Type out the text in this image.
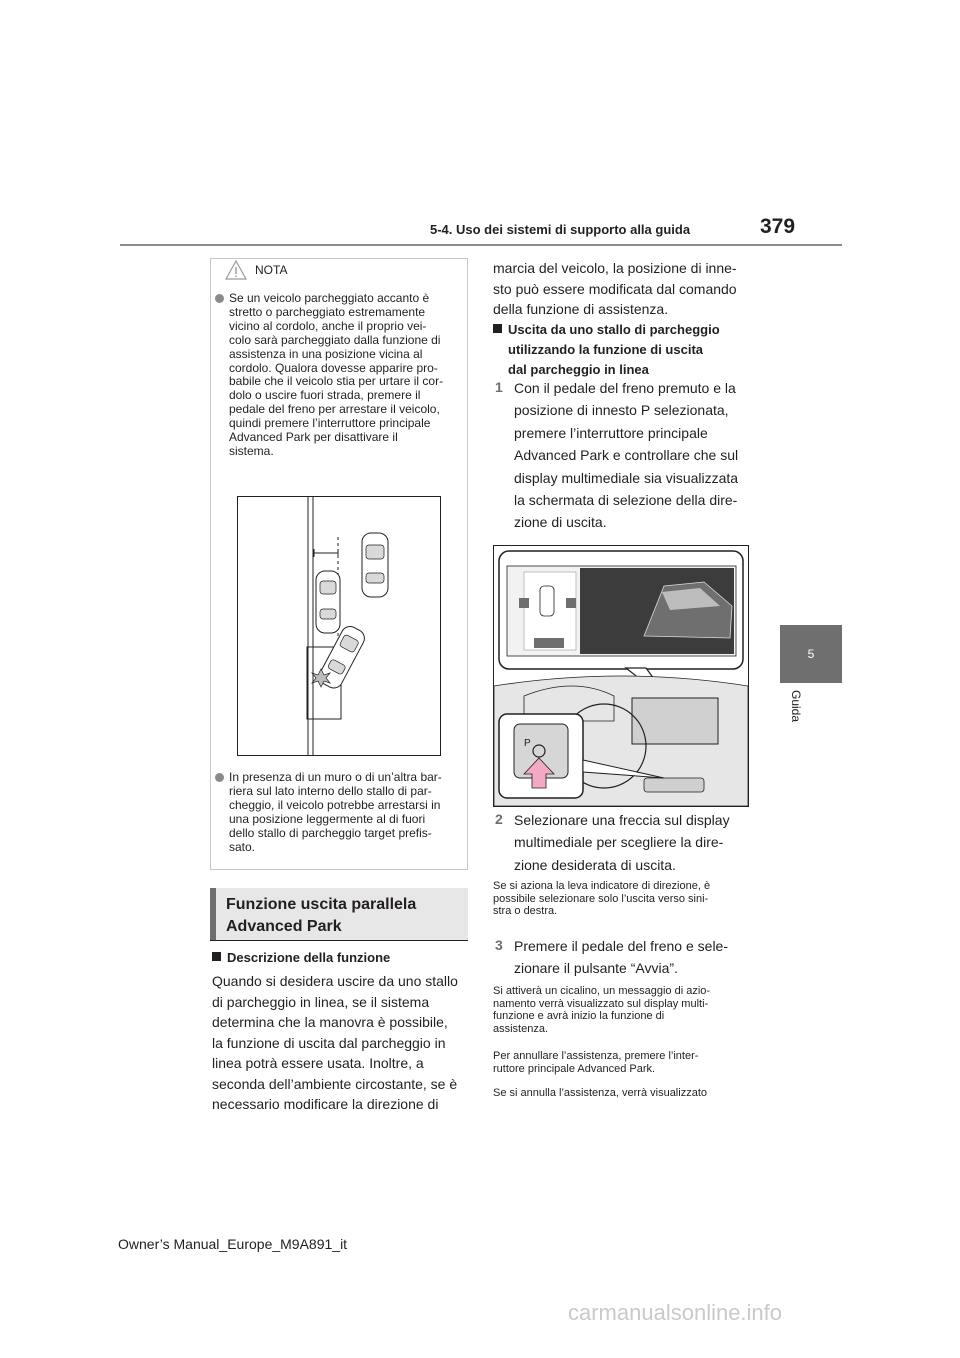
5-4. Uso dei sistemi di supporto alla guida	379
5
Guida
NOTA
Se un veicolo parcheggiato accanto è
stretto o parcheggiato estremamente
vicino al cordolo, anche il proprio vei-
colo sarà parcheggiato dalla funzione di
assistenza in una posizione vicina al
cordolo. Qualora dovesse apparire pro-
babile che il veicolo stia per urtare il cor-
dolo o uscire fuori strada, premere il
pedale del freno per arrestare il veicolo,
quindi premere l’interruttore principale
Advanced Park per disattivare il
sistema.
In presenza di un muro o di un’altra bar-
riera sul lato interno dello stallo di par-
cheggio, il veicolo potrebbe arrestarsi in
una posizione leggermente al di fuori
dello stallo di parcheggio target prefis-
sato.
Funzione uscita parallela
Advanced Park
Descrizione della funzione
Quando si desidera uscire da uno stallo
di parcheggio in linea, se il sistema
determina che la manovra è possibile,
la funzione di uscita dal parcheggio in
linea potrà essere usata. Inoltre, a
seconda dell’ambiente circostante, se è
necessario modificare la direzione di
marcia del veicolo, la posizione di inne-
sto può essere modificata dal comando
della funzione di assistenza.
Uscita da uno stallo di parcheggio
utilizzando la funzione di uscita
dal parcheggio in linea
1 Con il pedale del freno premuto e la
posizione di innesto P selezionata,
premere l’interruttore principale
Advanced Park e controllare che sul
display multimediale sia visualizzata
la schermata di selezione della dire-
zione di uscita.
P
2 Selezionare una freccia sul display
multimediale per scegliere la dire-
zione desiderata di uscita.
Se si aziona la leva indicatore di direzione, è
possibile selezionare solo l’uscita verso sini-
stra o destra.
3 Premere il pedale del freno e sele-
zionare il pulsante “Avvia”.
Si attiverà un cicalino, un messaggio di azio-
namento verrà visualizzato sul display multi-
funzione e avrà inizio la funzione di
assistenza.
Per annullare l’assistenza, premere l’inter-
ruttore principale Advanced Park.
Se si annulla l’assistenza, verrà visualizzato
Owner’s Manual_Europe_M9A891_it
carmanualsonline.info
